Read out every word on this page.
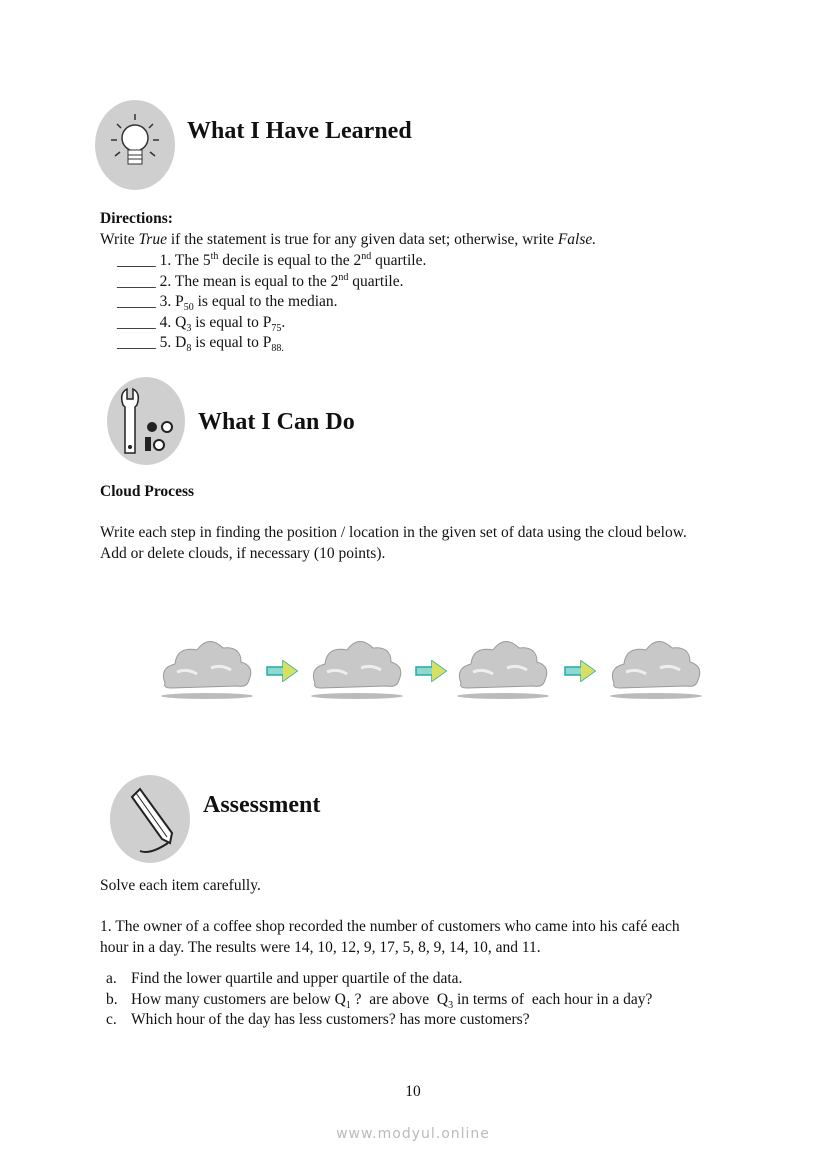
What I Have Learned
Directions:
Write True if the statement is true for any given data set; otherwise, write False.
_____ 1. The 5th decile is equal to the 2nd quartile.
_____ 2. The mean is equal to the 2nd quartile.
_____ 3. $P_{50}$ is equal to the median.
_____ 4. $Q_3$ is equal to $P_{75}$.
_____ 5. $D_8$ is equal to $P_{88.}$
What I Can Do
Cloud Process
Write each step in finding the position / location in the given set of data using the cloud below.
Add or delete clouds, if necessary (10 points).
Assessment
Solve each item carefully.
1. The owner of a coffee shop recorded the number of customers who came into his café each
hour in a day. The results were 14, 10, 12, 9, 17, 5, 8, 9, 14, 10, and 11.
a. Find the lower quartile and upper quartile of the data.
b. How many customers are below $Q_1$ ?  are above  $Q_3$ in terms of  each hour in a day?
c. Which hour of the day has less customers? has more customers?
10
www.modyul.online
